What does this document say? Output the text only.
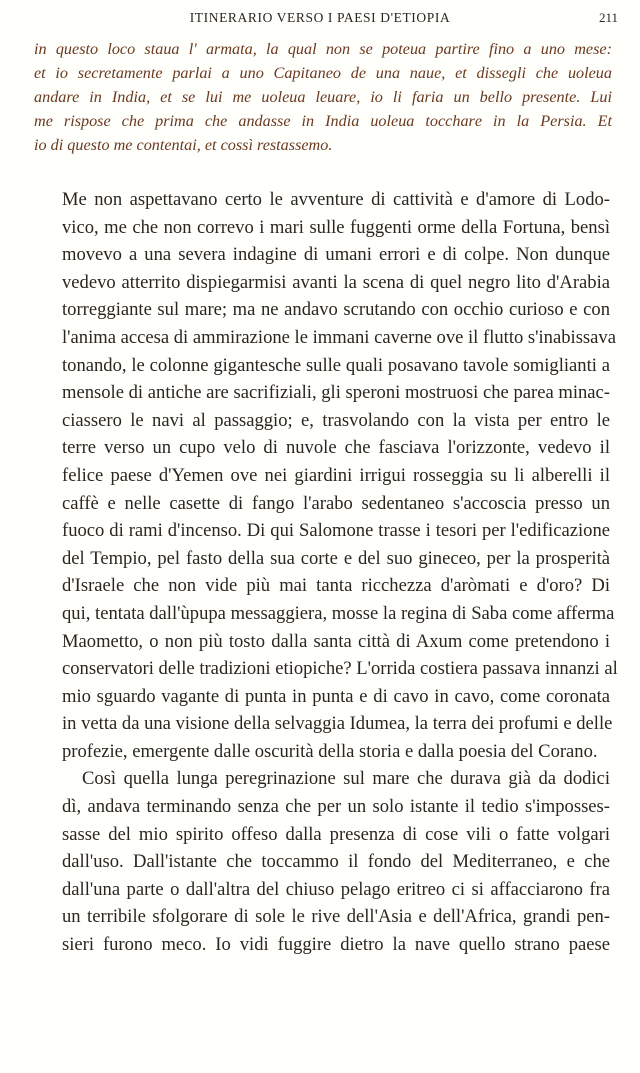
ITINERARIO VERSO I PAESI D'ETIOPIA	211
in questo loco staua l' armata, la qual non se poteua partire fino a uno mese:
et io secretamente parlai a uno Capitaneo de una naue, et dissegli che uoleua
andare in India, et se lui me uoleua leuare, io li faria un bello presente. Lui
me rispose che prima che andasse in India uoleua toccharе in la Persia. Et
io di questo me contentai, et cossì restassemo.
Me non aspettavano certo le avventure di cattività e d'amore di Lodo-
vico, me che non correvo i mari sulle fuggenti orme della Fortuna, bensì
movevo a una severa indagine di umani errori e di colpe. Non dunque
vedevo atterrito dispiegarmisi avanti la scena di quel negro lito d'Arabia
torreggiante sul mare; ma ne andavo scrutando con occhio curioso e con
l'anima accesa di ammirazione le immani caverne ove il flutto s'inabissava
tonando, le colonne gigantesche sulle quali posavano tavole somiglianti a
mensole di antiche are sacrifiziali, gli speroni mostruosi che parea minac-
ciassero le navi al passaggio; e, trasvolando con la vista per entro le
terre verso un cupo velo di nuvole che fasciava l'orizzonte, vedevo il
felice paese d'Yemen ove nei giardini irrigui rosseggia su li alberelli il
caffè e nelle casette di fango l'arabo sedentaneo s'accoscia presso un
fuoco di rami d'incenso. Di qui Salomone trasse i tesori per l'edificazione
del Tempio, pel fasto della sua corte e del suo gineceo, per la prosperità
d'Israele che non vide più mai tanta ricchezza d'aròmati e d'oro? Di
qui, tentata dall'ùpupa messaggiera, mosse la regina di Saba come afferma
Maometto, o non più tosto dalla santa città di Axum come pretendono i
conservatori delle tradizioni etiopiche? L'orrida costiera passava innanzi al
mio sguardo vagante di punta in punta e di cavo in cavo, come coronata
in vetta da una visione della selvaggia Idumea, la terra dei profumi e delle
profezie, emergente dalle oscurità della storia e dalla poesia del Corano.
Così quella lunga peregrinazione sul mare che durava già da dodici
dì, andava terminando senza che per un solo istante il tedio s'imposses-
sasse del mio spirito offeso dalla presenza di cose vili o fatte volgari
dall'uso. Dall'istante che toccammo il fondo del Mediterraneo, e che
dall'una parte o dall'altra del chiuso pelago eritreo ci si affacciarono fra
un terribile sfolgorare di sole le rive dell'Asia e dell'Africa, grandi pen-
sieri furono meco. Io vidi fuggire dietro la nave quello strano paese
